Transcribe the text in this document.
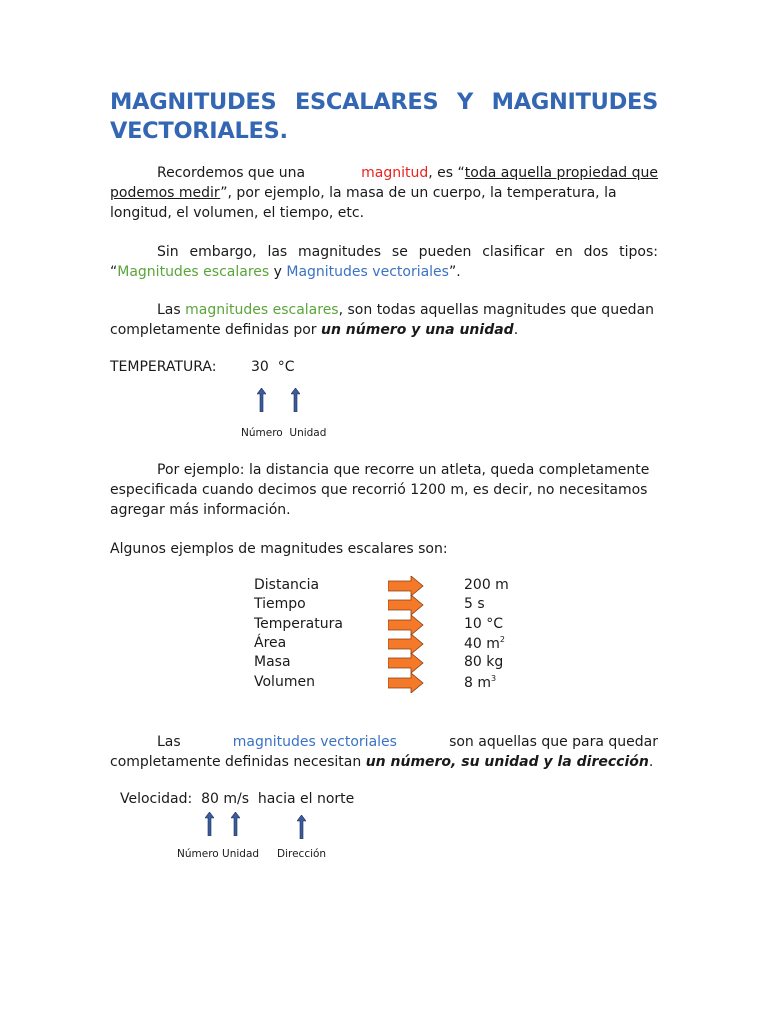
MAGNITUDES ESCALARES Y MAGNITUDES
VECTORIALES.
Recordemos que una	magnitud, es “toda aquella propiedad que
podemos medir”, por ejemplo, la masa de un cuerpo, la temperatura, la
longitud, el volumen, el tiempo, etc.
Sin embargo, las magnitudes se pueden clasificar en dos tipos:
“Magnitudes escalares y Magnitudes vectoriales”.
Las magnitudes escalares, son todas aquellas magnitudes que quedan
completamente definidas por un número y una unidad.
TEMPERATURA: 30  °C
Número  Unidad
Por ejemplo: la distancia que recorre un atleta, queda completamente
especificada cuando decimos que recorrió 1200 m, es decir, no necesitamos
agregar más información.
Algunos ejemplos de magnitudes escalares son:
Distancia	200 m
Tiempo	5 s
Temperatura	10 °C
Área	40 $m^2$
Masa	80 kg
Volumen	8 $m^3$
Las	magnitudes vectoriales	son aquellas que para quedar
completamente definidas necesitan un número, su unidad y la dirección.
Velocidad:  80 m/s  hacia el norte
Número Unidad Dirección
